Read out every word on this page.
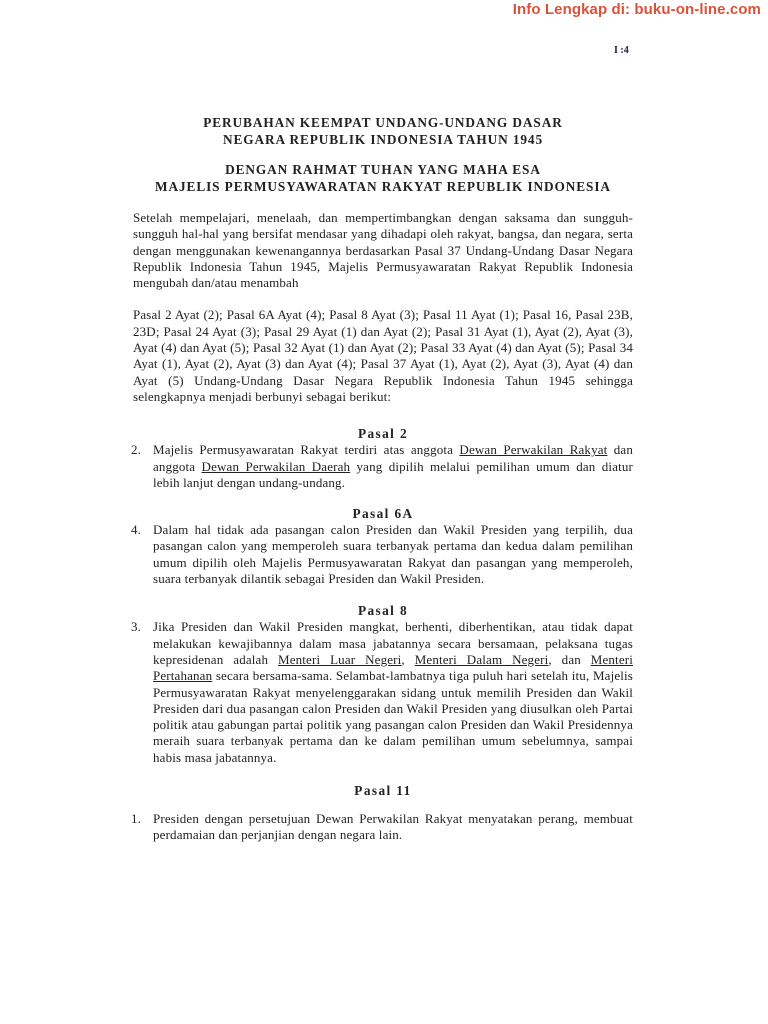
Info Lengkap di: buku-on-line.com
I :4
PERUBAHAN KEEMPAT UNDANG-UNDANG DASAR
NEGARA REPUBLIK INDONESIA TAHUN 1945
DENGAN RAHMAT TUHAN YANG MAHA ESA
MAJELIS PERMUSYAWARATAN RAKYAT REPUBLIK INDONESIA
Setelah mempelajari, menelaah, dan mempertimbangkan dengan saksama dan sungguh-sungguh hal-hal yang bersifat mendasar yang dihadapi oleh rakyat, bangsa, dan negara, serta dengan menggunakan kewenangannya berdasarkan Pasal 37 Undang-Undang Dasar Negara Republik Indonesia Tahun 1945, Majelis Permusyawaratan Rakyat Republik Indonesia mengubah dan/atau menambah
Pasal 2 Ayat (2); Pasal 6A Ayat (4); Pasal 8 Ayat (3); Pasal 11 Ayat (1); Pasal 16, Pasal 23B, 23D; Pasal 24 Ayat (3); Pasal 29 Ayat (1) dan Ayat (2); Pasal 31 Ayat (1), Ayat (2), Ayat (3), Ayat (4) dan Ayat (5); Pasal 32 Ayat (1) dan Ayat (2); Pasal 33 Ayat (4) dan Ayat (5); Pasal 34 Ayat (1), Ayat (2), Ayat (3) dan Ayat (4); Pasal 37 Ayat (1), Ayat (2), Ayat (3), Ayat (4) dan Ayat (5) Undang-Undang Dasar Negara Republik Indonesia Tahun 1945 sehingga selengkapnya menjadi berbunyi sebagai berikut:
Pasal 2
2. Majelis Permusyawaratan Rakyat terdiri atas anggota Dewan Perwakilan Rakyat dan anggota Dewan Perwakilan Daerah yang dipilih melalui pemilihan umum dan diatur lebih lanjut dengan undang-undang.
Pasal 6A
4. Dalam hal tidak ada pasangan calon Presiden dan Wakil Presiden yang terpilih, dua pasangan calon yang memperoleh suara terbanyak pertama dan kedua dalam pemilihan umum dipilih oleh Majelis Permusyawaratan Rakyat dan pasangan yang memperoleh, suara terbanyak dilantik sebagai Presiden dan Wakil Presiden.
Pasal 8
3. Jika Presiden dan Wakil Presiden mangkat, berhenti, diberhentikan, atau tidak dapat melakukan kewajibannya dalam masa jabatannya secara bersamaan, pelaksana tugas kepresidenan adalah Menteri Luar Negeri, Menteri Dalam Negeri, dan Menteri Pertahanan secara bersama-sama. Selambat-lambatnya tiga puluh hari setelah itu, Majelis Permusyawaratan Rakyat menyelenggarakan sidang untuk memilih Presiden dan Wakil Presiden dari dua pasangan calon Presiden dan Wakil Presiden yang diusulkan oleh Partai politik atau gabungan partai politik yang pasangan calon Presiden dan Wakil Presidennya meraih suara terbanyak pertama dan ke dalam pemilihan umum sebelumnya, sampai habis masa jabatannya.
Pasal 11
1. Presiden dengan persetujuan Dewan Perwakilan Rakyat menyatakan perang, membuat perdamaian dan perjanjian dengan negara lain.
